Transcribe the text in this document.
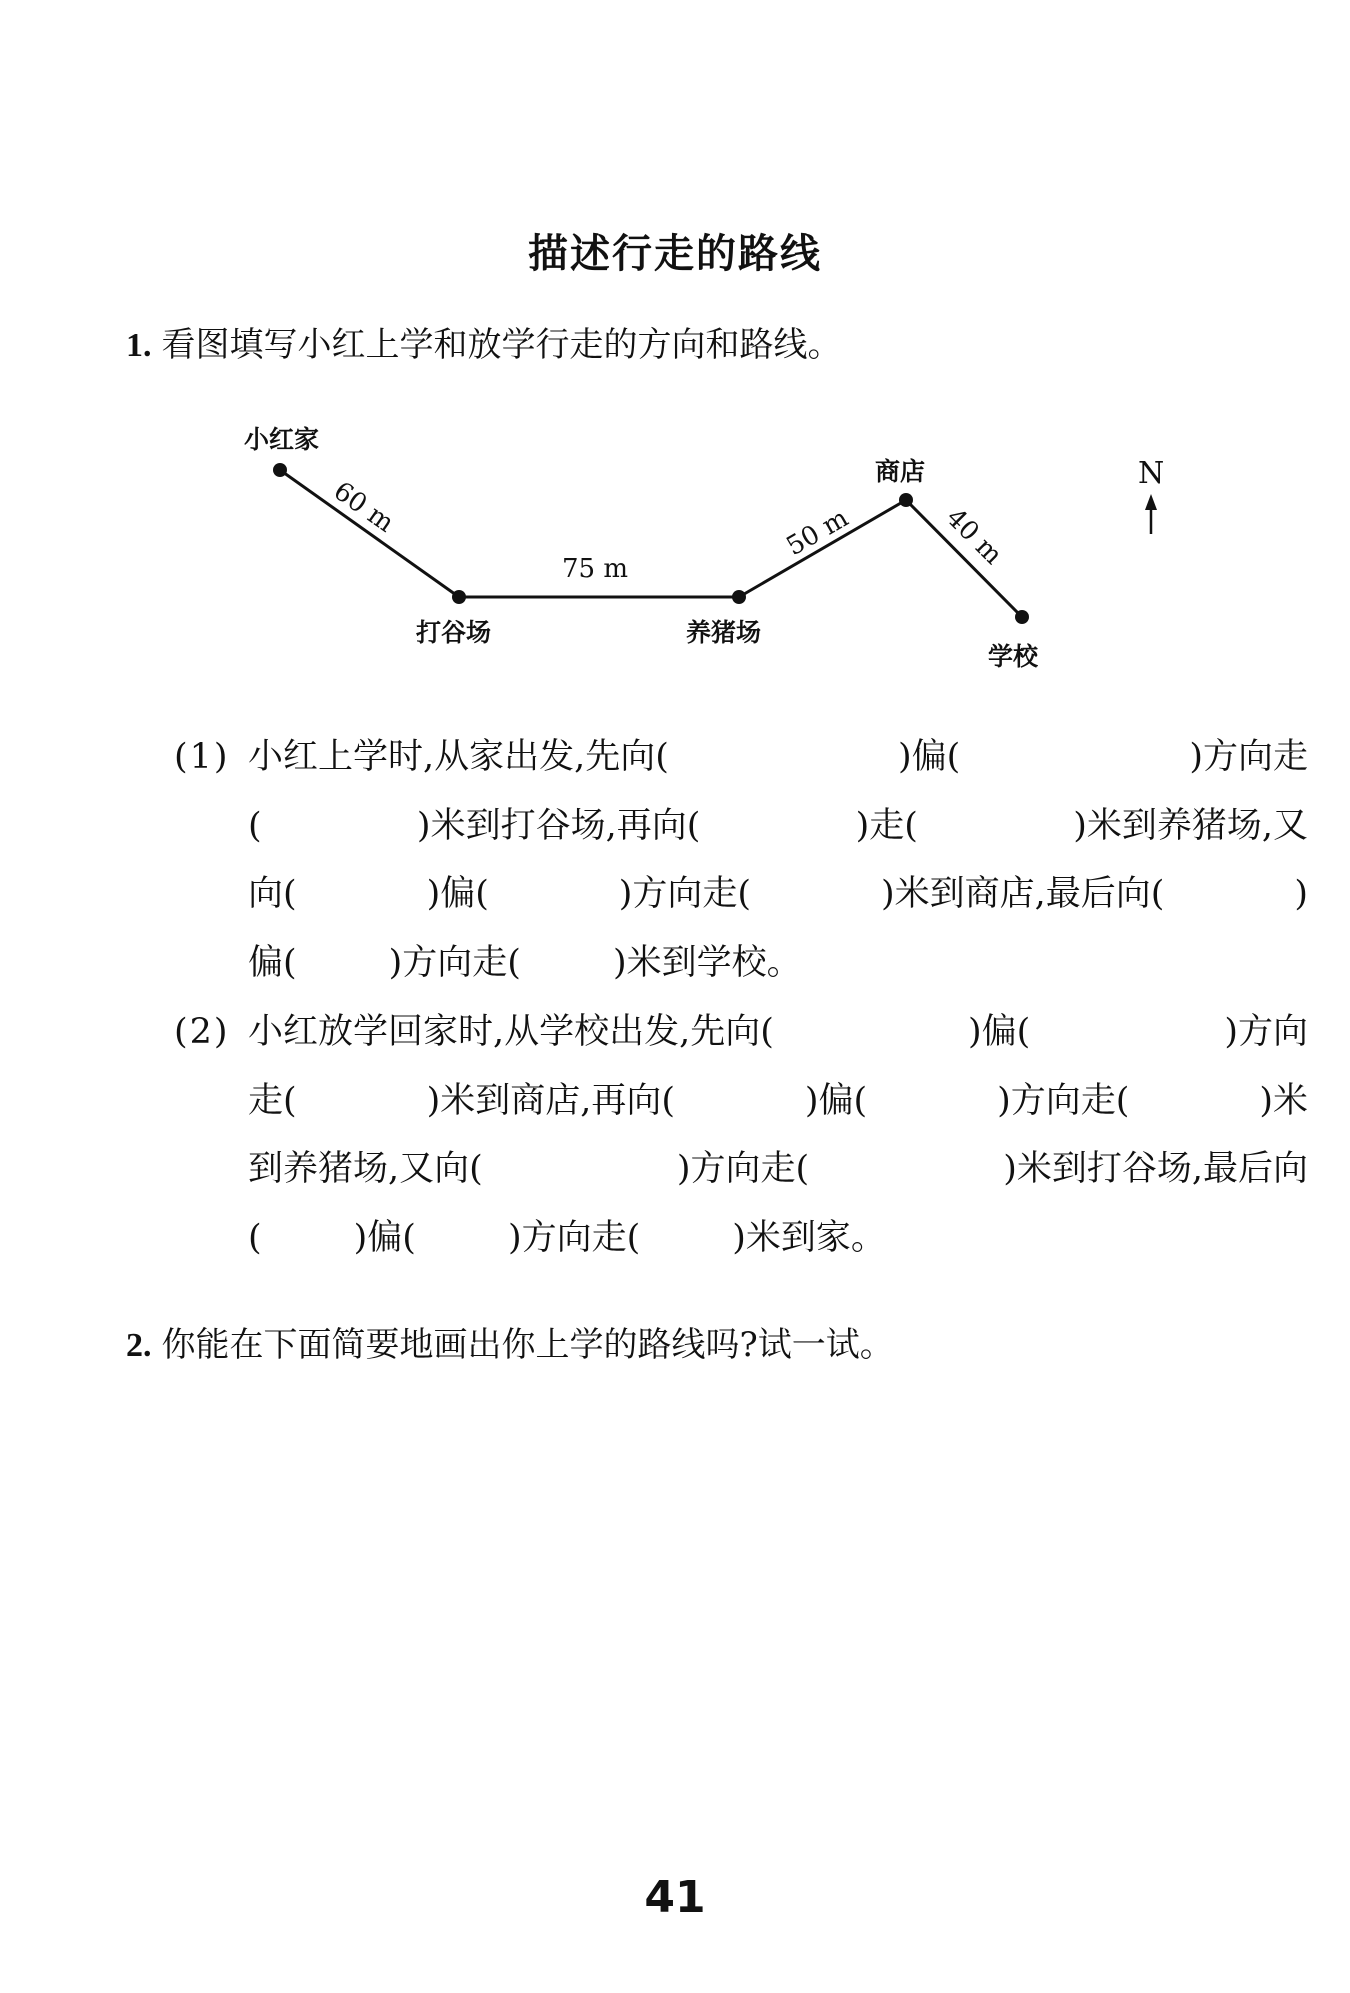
描述行走的路线
1. 看图填写小红上学和放学行走的方向和路线。
小红家
打谷场	养猪场
商店
学校
60 m
75 m
50 m	40 m
N
(1) 小红上学时,从家出发,先向(	)偏(	)方向走
(	)米到打谷场,再向(	)走(	)米到养猪场,又
向(	)偏(	)方向走(	)米到商店,最后向(	)
偏(	)方向走(	)米到学校。
(2) 小红放学回家时,从学校出发,先向(	)偏(	)方向
走(	)米到商店,再向(	)偏(	)方向走(	)米
到养猪场,又向(	)方向走(	)米到打谷场,最后向
(	)偏(	)方向走(	)米到家。
2. 你能在下面简要地画出你上学的路线吗?试一试。
41
